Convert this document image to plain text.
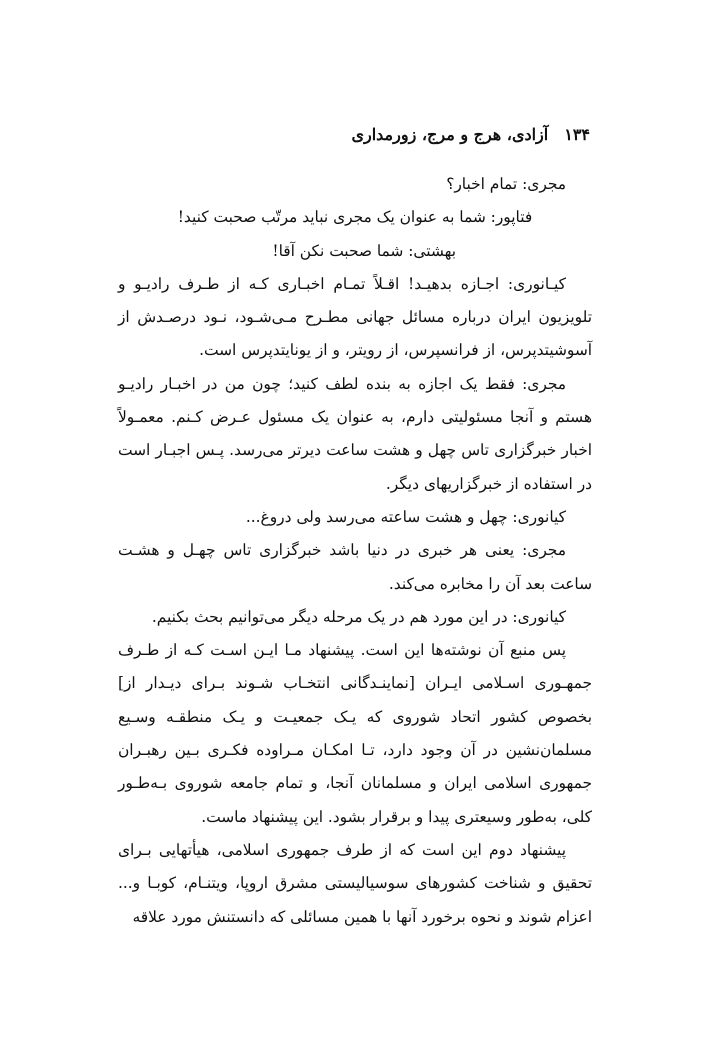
۱۳۴
آزادی، هرج و مرج، زورمداری

مجری: تمام اخبار؟

فتاپور: شما به عنوان یک مجری نباید مرتّب صحبت کنید!

بهشتی: شما صحبت نکن آقا!

کیـانوری: اجـازه بدهیـد! اقـلاً تمـام اخبـاری کـه از طـرف رادیـو و تلویزیون ایران درباره مسائل جهانی مطـرح مـی‌شـود، نـود درصـدش از آسوشیتدپرس، از فرانسپرس، از رویتر، و از یونایتدپرس است.

مجری: فقط یک اجازه به بنده لطف کنید؛ چون من در اخبـار رادیـو هستم و آنجا مسئولیتی دارم، به عنوان یک مسئول عـرض کـنم. معمـولاً اخبار خبرگزاری تاس چهل و هشت ساعت دیرتر می‌رسد. پـس اجبـار است در استفاده از خبرگزاریهای دیگر.

کیانوری: چهل و هشت ساعته می‌رسد ولی دروغ...

مجری: یعنی هر خبری در دنیا باشد خبرگزاری تاس چهـل و هشـت ساعت بعد آن را مخابره می‌کند.

کیانوری: در این مورد هم در یک مرحله دیگر می‌توانیم بحث بکنیم.

پس منبع آن نوشته‌ها این است. پیشنهاد مـا ایـن اسـت کـه از طـرف جمهـوری اسـلامی ایـران [نماینـدگانی انتخـاب شـوند بـرای دیـدار از] بخصوص کشور اتحاد شوروی که یـک جمعیـت و یـک منطقـه وسـیع مسلمان‌نشین در آن وجود دارد، تـا امکـان مـراوده فکـری بـین رهبـران جمهوری اسلامی ایران و مسلمانان آنجا، و تمام جامعه شوروی بـه‌طـور کلی، به‌طور وسیعتری پیدا و برقرار بشود. این پیشنهاد ماست.

پیشنهاد دوم این است که از طرف جمهوری اسلامی، هیأتهایی بـرای تحقیق و شناخت کشورهای سوسیالیستی مشرق اروپا، ویتنـام، کوبـا و... اعزام شوند و نحوه برخورد آنها با همین مسائلی که دانستنش مورد علاقه
